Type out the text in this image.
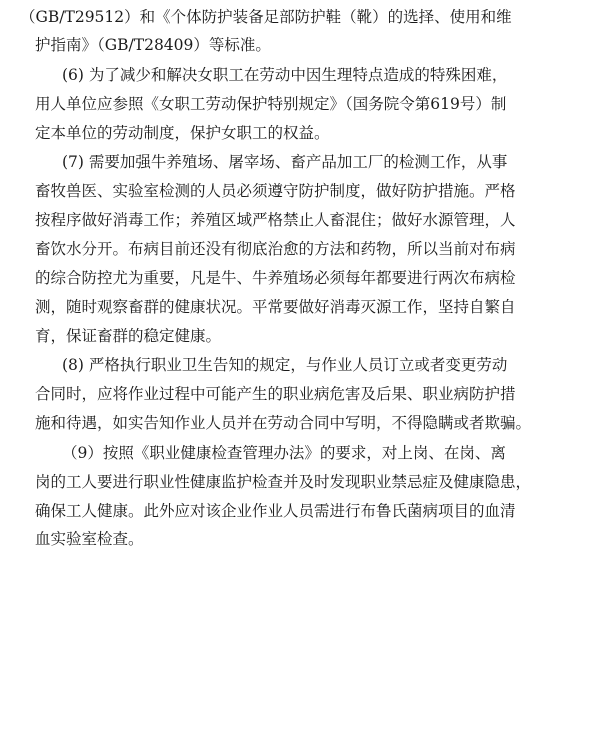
（GB/T29512）和《个体防护装备足部防护鞋（靴）的选择、使用和维
护指南》（GB/T28409）等标准。
(6) 为了减少和解决女职工在劳动中因生理特点造成的特殊困难，
用人单位应参照《女职工劳动保护特别规定》（国务院令第619号）制
定本单位的劳动制度，保护女职工的权益。
(7) 需要加强牛养殖场、屠宰场、畜产品加工厂的检测工作，从事
畜牧兽医、实验室检测的人员必须遵守防护制度，做好防护措施。严格
按程序做好消毒工作；养殖区域严格禁止人畜混住；做好水源管理，人
畜饮水分开。布病目前还没有彻底治愈的方法和药物，所以当前对布病
的综合防控尤为重要，凡是牛、牛养殖场必须每年都要进行两次布病检
测，随时观察畜群的健康状况。平常要做好消毒灭源工作，坚持自繁自
育，保证畜群的稳定健康。
(8) 严格执行职业卫生告知的规定，与作业人员订立或者变更劳动
合同时，应将作业过程中可能产生的职业病危害及后果、职业病防护措
施和待遇，如实告知作业人员并在劳动合同中写明，不得隐瞒或者欺骗。
（9）按照《职业健康检查管理办法》的要求，对上岗、在岗、离
岗的工人要进行职业性健康监护检查并及时发现职业禁忌症及健康隐患，
确保工人健康。此外应对该企业作业人员需进行布鲁氏菌病项目的血清
血实验室检查。
